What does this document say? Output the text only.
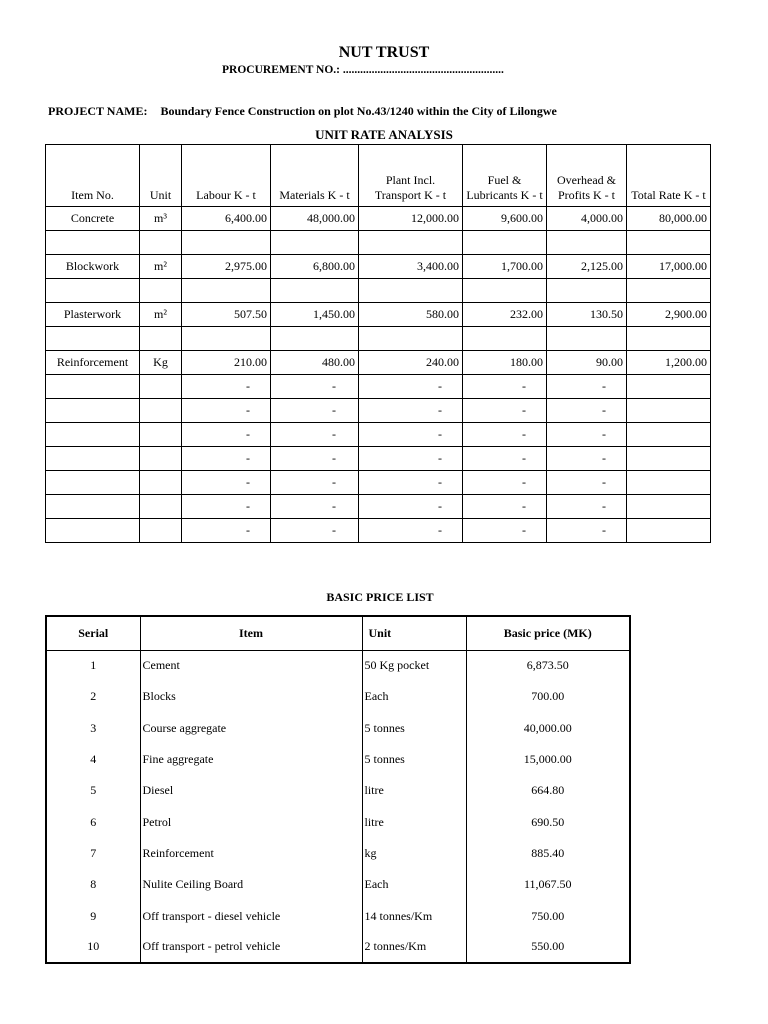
NUT TRUST
PROCUREMENT NO.: ........................................................
PROJECT NAME: Boundary Fence Construction on plot No.43/1240 within the City of Lilongwe
UNIT RATE ANALYSIS
Item No.	Unit	Labour K - t	Materials K - t	Plant Incl. Transport K - t	Fuel & Lubricants K - t	Overhead & Profits K - t	Total Rate K - t
Concrete	m³	6,400.00	48,000.00	12,000.00	9,600.00	4,000.00	80,000.00

Blockwork	m²	2,975.00	6,800.00	3,400.00	1,700.00	2,125.00	17,000.00

Plasterwork	m²	507.50	1,450.00	580.00	232.00	130.50	2,900.00

Reinforcement	Kg	210.00	480.00	240.00	180.00	90.00	1,200.00
		-	-	-	-	-	
		-	-	-	-	-	
		-	-	-	-	-	
		-	-	-	-	-	
		-	-	-	-	-	
		-	-	-	-	-	
		-	-	-	-	-	
BASIC PRICE LIST
Serial	Item	Unit	Basic price (MK)
1	Cement	50 Kg pocket	6,873.50
2	Blocks	Each	700.00
3	Course aggregate	5 tonnes	40,000.00
4	Fine aggregate	5 tonnes	15,000.00
5	Diesel	litre	664.80
6	Petrol	litre	690.50
7	Reinforcement	kg	885.40
8	Nulite Ceiling Board	Each	11,067.50
9	Off transport - diesel vehicle	14 tonnes/Km	750.00
10	Off transport - petrol vehicle	2 tonnes/Km	550.00
